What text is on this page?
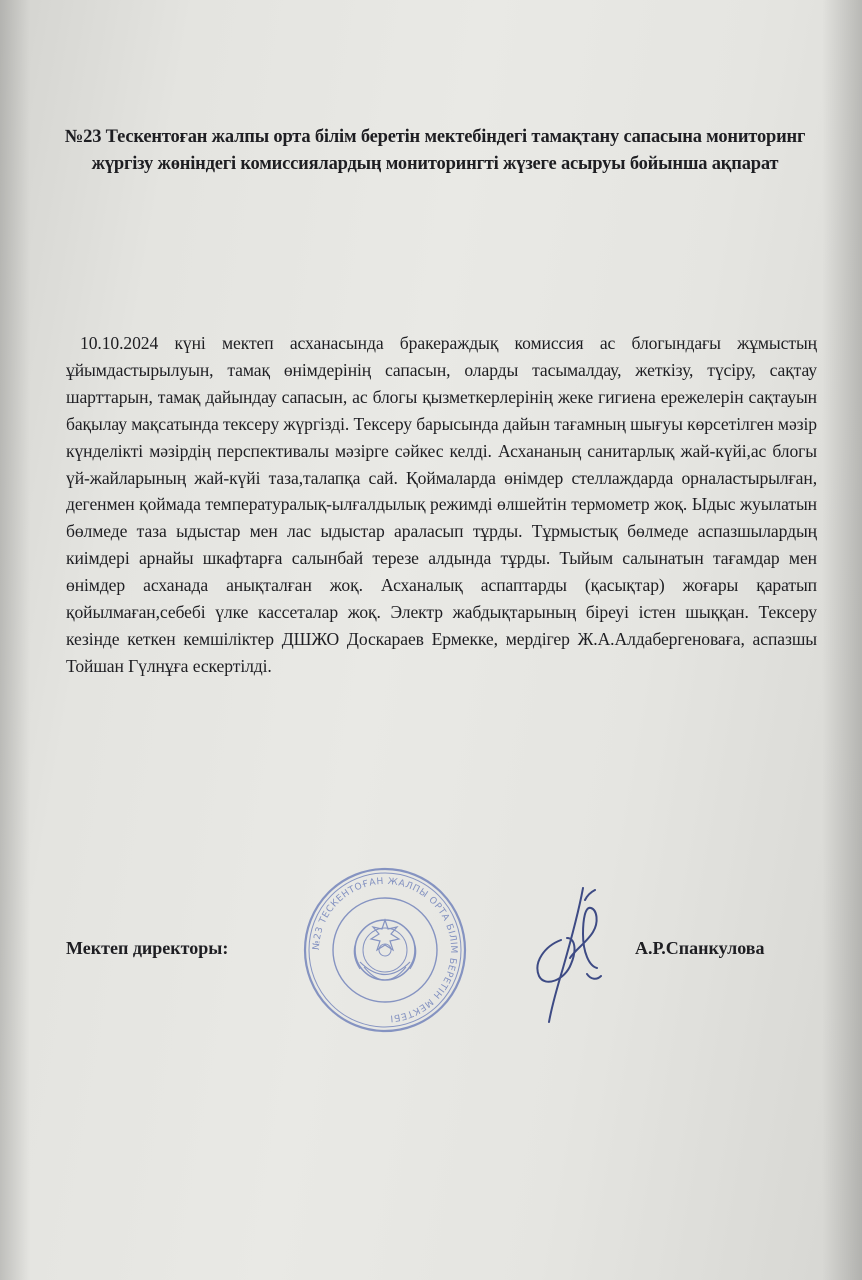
№23 Тескентоған жалпы орта білім беретін мектебіндегі тамақтану сапасына мониторинг жүргізу жөніндегі комиссиялардың мониторингті жүзеге асыруы бойынша ақпарат

10.10.2024 күні мектеп асханасында бракераждық комиссия ас блогындағы жұмыстың ұйымдастырылуын, тамақ өнімдерінің сапасын, оларды тасымалдау, жеткізу, түсіру, сақтау шарттарын, тамақ дайындау сапасын, ас блогы қызметкерлерінің жеке гигиена ережелерін сақтауын бақылау мақсатында тексеру жүргізді. Тексеру барысында дайын тағамның шығуы көрсетілген мәзір күнделікті мәзірдің перспективалы мәзірге сәйкес келді. Асхананың санитарлық жай-күйі,ас блогы үй-жайларының жай-күйі таза,талапқа сай. Қоймаларда өнімдер стеллаждарда орналастырылған, дегенмен қоймада температуралық-ылғалдылық режимді өлшейтін термометр жоқ. Ыдыс жуылатын бөлмеде таза ыдыстар мен лас ыдыстар араласып тұрды. Тұрмыстық бөлмеде аспазшылардың киімдері арнайы шкафтарға салынбай терезе алдында тұрды. Тыйым салынатын тағамдар мен өнімдер асханада анықталған жоқ. Асханалық аспаптарды (қасықтар) жоғары қаратып қойылмаған,себебі үлке кассеталар жоқ. Электр жабдықтарының біреуі істен шыққан. Тексеру кезінде кеткен кемшіліктер ДШЖО Доскараев Ермекке, мердігер Ж.А.Алдабергеноваға, аспазшы Тойшан Гүлнұға ескертілді.

Мектеп директоры:	№23 ТЕСКЕНТОҒАН ЖАЛПЫ ОРТА БІЛІМ БЕРЕТІН МЕКТЕБІ
А.Р.Спанкулова
